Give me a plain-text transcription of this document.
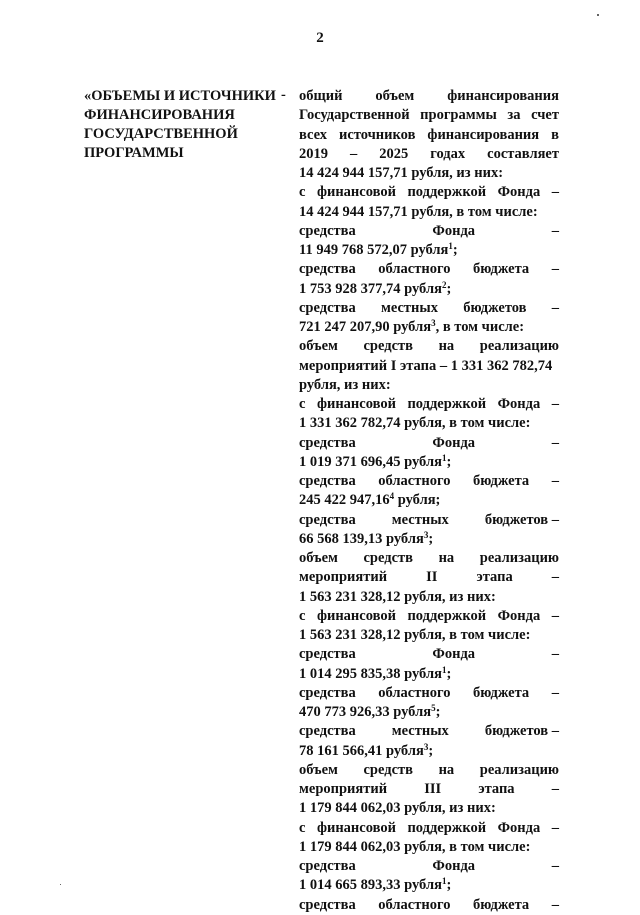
2
«ОБЪЕМЫ И ИСТОЧНИКИ
ФИНАНСИРОВАНИЯ
ГОСУДАРСТВЕННОЙ
ПРОГРАММЫ
- общий объем финансирования
Государственной программы за счет
всех источников финансирования в
2019 – 2025 годах составляет
14 424 944 157,71 рубля, из них:
с финансовой поддержкой Фонда –
14 424 944 157,71 рубля, в том числе:
средства	Фонда	–
11 949 768 572,07 рубля$^1$;
средства областного бюджета –
1 753 928 377,74 рубля$^2$;
средства местных бюджетов –
721 247 207,90 рубля$^3$, в том числе:
объем средств на реализацию
мероприятий I этапа – 1 331 362 782,74
рубля, из них:
с финансовой поддержкой Фонда –
1 331 362 782,74 рубля, в том числе:
средства	Фонда	–
1 019 371 696,45 рубля$^1$;
средства областного бюджета –
245 422 947,16$^4$ рубля;
средства местных бюджетов –
66 568 139,13 рубля$^3$;
объем средств на реализацию
мероприятий	II	этапа	–
1 563 231 328,12 рубля, из них:
с финансовой поддержкой Фонда –
1 563 231 328,12 рубля, в том числе:
средства	Фонда	–
1 014 295 835,38 рубля$^1$;
средства областного бюджета –
470 773 926,33 рубля$^5$;
средства местных бюджетов –
78 161 566,41 рубля$^3$;
объем средств на реализацию
мероприятий	III	этапа	–
1 179 844 062,03 рубля, из них:
с финансовой поддержкой Фонда –
1 179 844 062,03 рубля, в том числе:
средства	Фонда	–
1 014 665 893,33 рубля$^1$;
средства областного бюджета –
